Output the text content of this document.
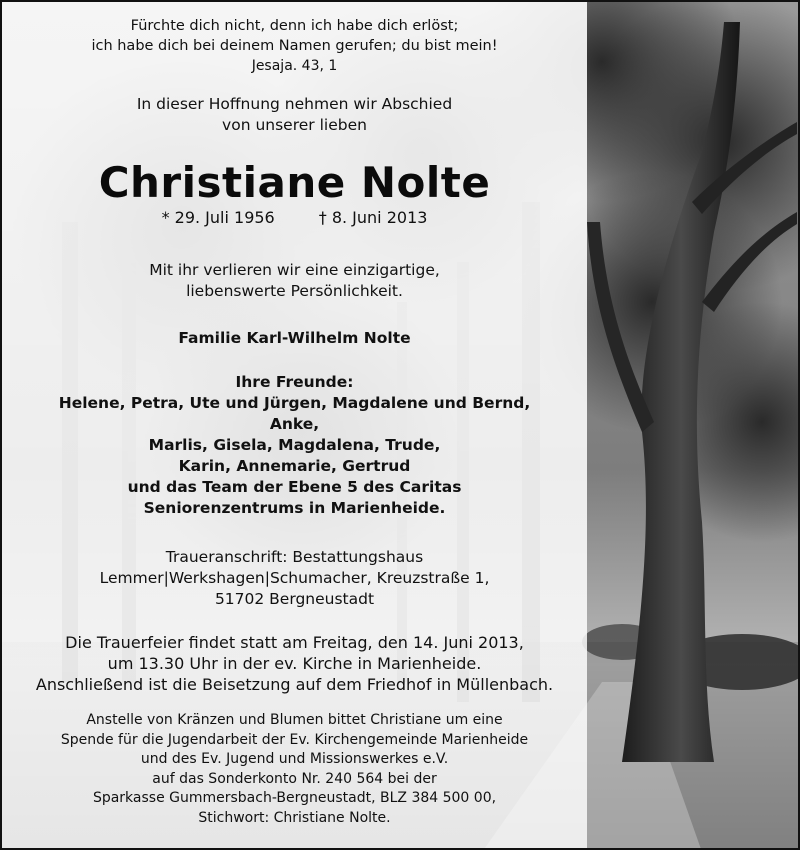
Fürchte dich nicht, denn ich habe dich erlöst;
ich habe dich bei deinem Namen gerufen; du bist mein!
Jesaja. 43, 1
In dieser Hoffnung nehmen wir Abschied
von unserer lieben
Christiane Nolte
* 29. Juli 1956	† 8. Juni 2013
Mit ihr verlieren wir eine einzigartige,
liebenswerte Persönlichkeit.
Familie Karl-Wilhelm Nolte
Ihre Freunde:
Helene, Petra, Ute und Jürgen, Magdalene und Bernd, Anke,
Marlis, Gisela, Magdalena, Trude,
Karin, Annemarie, Gertrud
und das Team der Ebene 5 des Caritas
Seniorenzentrums in Marienheide.
Traueranschrift: Bestattungshaus
Lemmer|Werkshagen|Schumacher, Kreuzstraße 1,
51702 Bergneustadt
Die Trauerfeier findet statt am Freitag, den 14. Juni 2013,
um 13.30 Uhr in der ev. Kirche in Marienheide.
Anschließend ist die Beisetzung auf dem Friedhof in Müllenbach.
Anstelle von Kränzen und Blumen bittet Christiane um eine
Spende für die Jugendarbeit der Ev. Kirchengemeinde Marienheide
und des Ev. Jugend und Missionswerkes e.V.
auf das Sonderkonto Nr. 240 564 bei der
Sparkasse Gummersbach-Bergneustadt, BLZ 384 500 00,
Stichwort: Christiane Nolte.
